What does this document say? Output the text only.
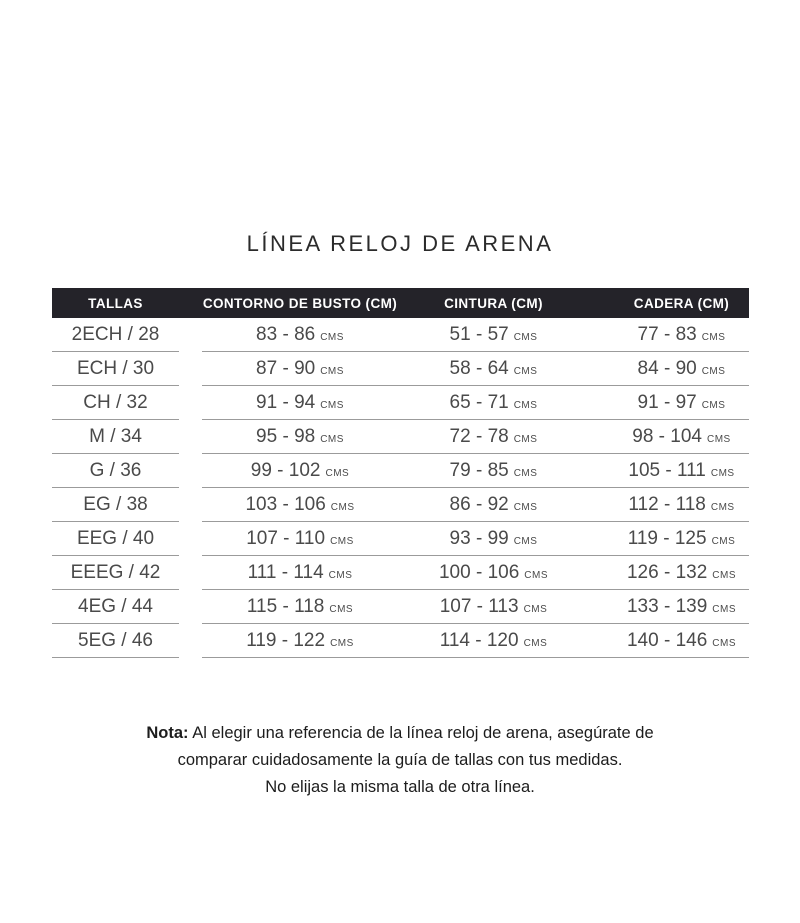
LÍNEA RELOJ DE ARENA
TALLAS	CONTORNO DE BUSTO (CM)	CINTURA (CM)	CADERA (CM)
2ECH / 28	83 - 86 CMS	51 - 57 CMS	77 - 83 CMS
ECH / 30	87 - 90 CMS	58 - 64 CMS	84 - 90 CMS
CH / 32	91 - 94 CMS	65 - 71 CMS	91 - 97 CMS
M / 34	95 - 98 CMS	72 - 78 CMS	98 - 104 CMS
G / 36	99 - 102 CMS	79 - 85 CMS	105 - 111 CMS
EG / 38	103 - 106 CMS	86 - 92 CMS	112 - 118 CMS
EEG / 40	107 - 110 CMS	93 - 99 CMS	119 - 125 CMS
EEEG / 42	111 - 114 CMS	100 - 106 CMS	126 - 132 CMS
4EG / 44	115 - 118 CMS	107 - 113 CMS	133 - 139 CMS
5EG / 46	119 - 122 CMS	114 - 120 CMS	140 - 146 CMS
Nota: Al elegir una referencia de la línea reloj de arena, asegúrate de
comparar cuidadosamente la guía de tallas con tus medidas.
No elijas la misma talla de otra línea.
